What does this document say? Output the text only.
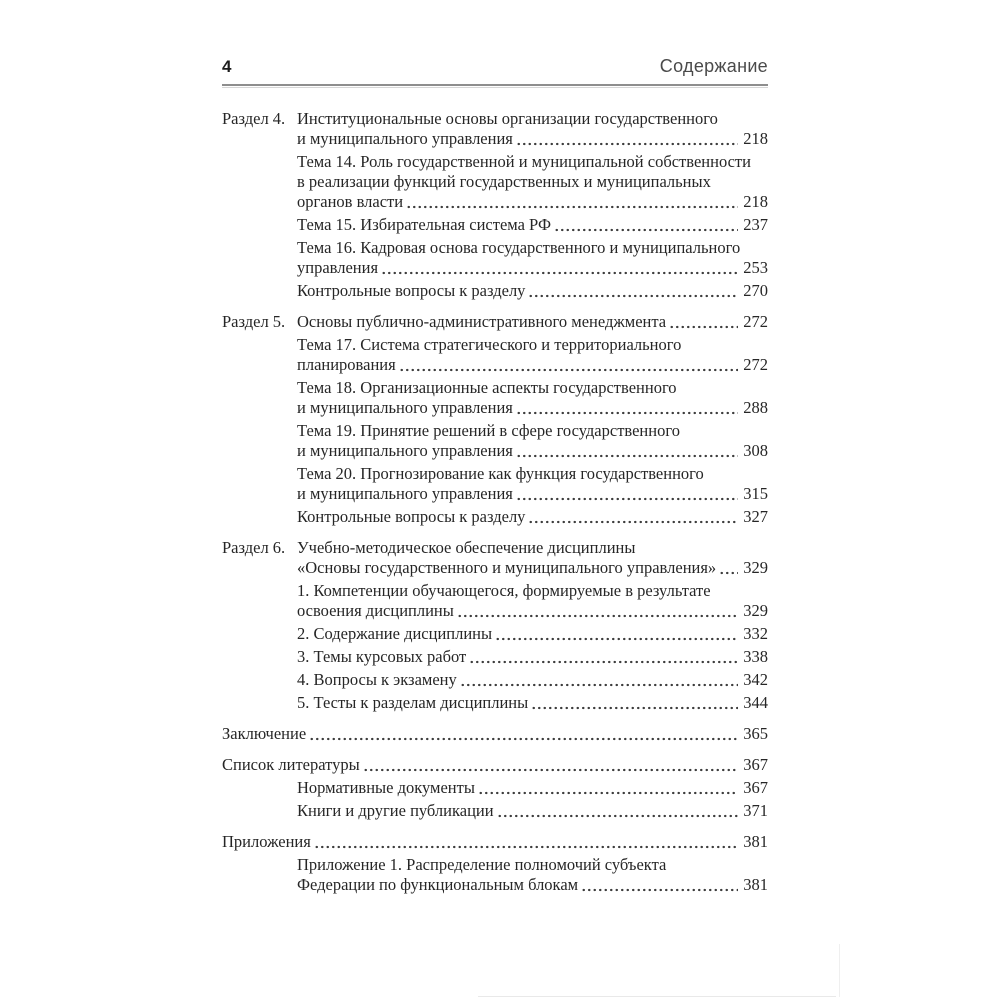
4	Содержание
Раздел 4. Институциональные основы организации государственного
и муниципального управления	218
Тема 14. Роль государственной и муниципальной собственности
в реализации функций государственных и муниципальных
органов власти	218
Тема 15. Избирательная система РФ	237
Тема 16. Кадровая основа государственного и муниципального
управления	253
Контрольные вопросы к разделу	270
Раздел 5. Основы публично-административного менеджмента	272
Тема 17. Система стратегического и территориального
планирования	272
Тема 18. Организационные аспекты государственного
и муниципального управления	288
Тема 19. Принятие решений в сфере государственного
и муниципального управления	308
Тема 20. Прогнозирование как функция государственного
и муниципального управления	315
Контрольные вопросы к разделу	327
Раздел 6. Учебно-методическое обеспечение дисциплины
«Основы государственного и муниципального управления» 329
1. Компетенции обучающегося, формируемые в результате
освоения дисциплины	329
2. Содержание дисциплины	332
3. Темы курсовых работ	338
4. Вопросы к экзамену	342
5. Тесты к разделам дисциплины	344
Заключение	365
Список литературы	367
Нормативные документы	367
Книги и другие публикации	371
Приложения	381
Приложение 1. Распределение полномочий субъекта
Федерации по функциональным блокам	381
